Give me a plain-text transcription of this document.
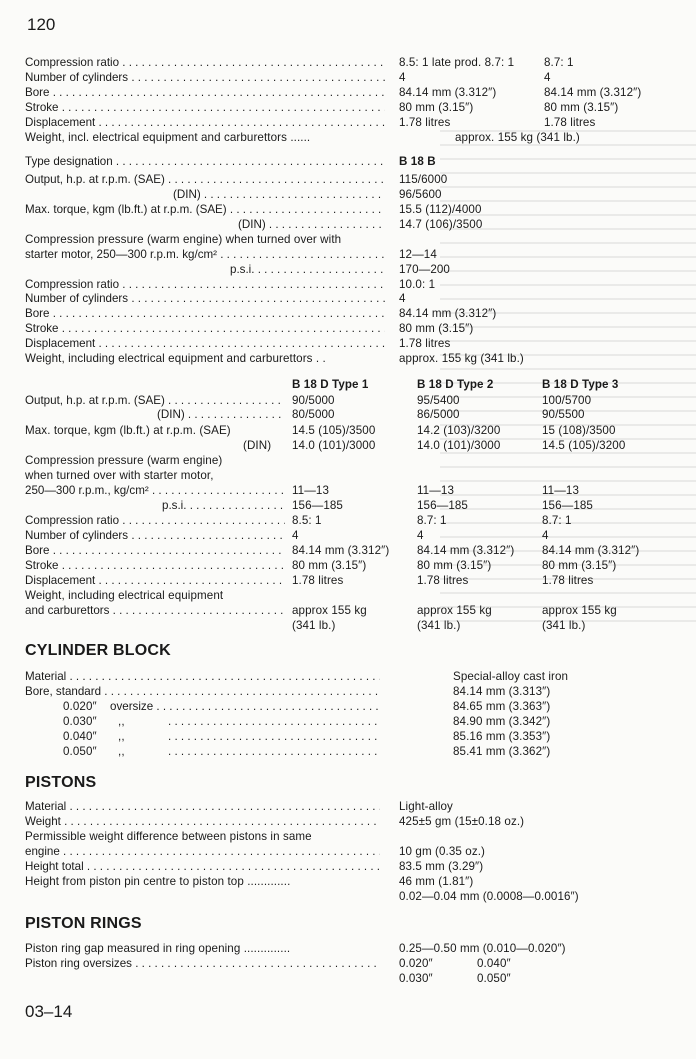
120
Compression ratio . . .	8.5: 1 late prod. 8.7: 1	8.7: 1
Number of cylinders . . .	4	4
Bore . . .	84.14 mm (3.312″)	84.14 mm (3.312″)
Stroke . . .	80 mm (3.15″)	80 mm (3.15″)
Displacement . . .	1.78 litres	1.78 litres
Weight, incl. electrical equipment and carburettors ......	approx. 155 kg (341 lb.)
Type designation . . .	B 18 B
Output, h.p. at r.p.m. (SAE) . . .	115/6000
(DIN) . . .	96/5600
Max. torque, kgm (lb.ft.) at r.p.m. (SAE) . . .	15.5 (112)/4000
(DIN) . . .	14.7 (106)/3500
Compression pressure (warm engine) when turned over with
starter motor, 250—300 r.p.m. kg/cm² . . .	12—14
p.s.i. . . .	170—200
Compression ratio . . .	10.0: 1
Number of cylinders . . .	4
Bore . . .	84.14 mm (3.312″)
Stroke . . .	80 mm (3.15″)
Displacement . . .	1.78 litres
Weight, including electrical equipment and carburettors . .	approx. 155 kg (341 lb.)
B 18 D Type 1	B 18 D Type 2	B 18 D Type 3
Output, h.p. at r.p.m. (SAE) . . .	90/5000	95/5400	100/5700
(DIN) . . .	80/5000	86/5000	90/5500
Max. torque, kgm (lb.ft.) at r.p.m. (SAE)	14.5 (105)/3500	14.2 (103)/3200	15 (108)/3500
(DIN) 14.0 (101)/3000	14.0 (101)/3000	14.5 (105)/3200
Compression pressure (warm engine)
when turned over with starter motor,
250—300 r.p.m., kg/cm² . . .	11—13	11—13	11—13
p.s.i. . . .	156—185	156—185	156—185
Compression ratio . . .	8.5: 1	8.7: 1	8.7: 1
Number of cylinders . . .	4	4	4
Bore . . .	84.14 mm (3.312″) 84.14 mm (3.312″) 84.14 mm (3.312″)
Stroke . . .	80 mm (3.15″)	80 mm (3.15″)	80 mm (3.15″)
Displacement . . .	1.78 litres	1.78 litres	1.78 litres
Weight, including electrical equipment
and carburettors . . .	approx 155 kg	approx 155 kg	approx 155 kg
(341 lb.)	(341 lb.)	(341 lb.)
CYLINDER BLOCK
Material . . .	Special-alloy cast iron
Bore, standard . . .	84.14 mm (3.313″)
0.020″ oversize . . .	84.65 mm (3.363″)
0.030″ ,, . . .	84.90 mm (3.342″)
0.040″ ,, . . .	85.16 mm (3.353″)
0.050″ ,, . . .	85.41 mm (3.362″)
PISTONS
Material . . .	Light-alloy
Weight . . .	425±5 gm (15±0.18 oz.)
Permissible weight difference between pistons in same
engine . . .	10 gm (0.35 oz.)
Height total . . .	83.5 mm (3.29″)
Height from piston pin centre to piston top .............	46 mm (1.81″)
0.02—0.04 mm (0.0008—0.0016″)
PISTON RINGS
Piston ring gap measured in ring opening ..............	0.25—0.50 mm (0.010—0.020″)
Piston ring oversizes . . .	0.020″	0.040″
0.030″	0.050″
03–14
